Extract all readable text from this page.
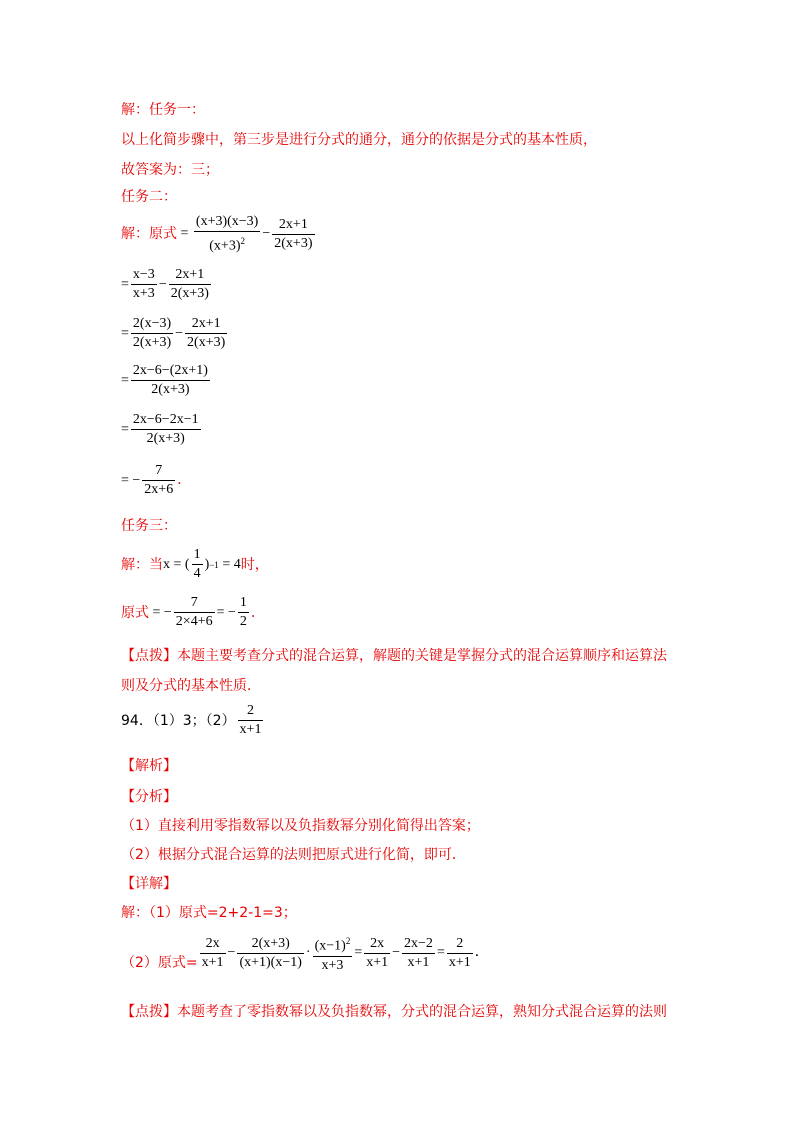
解：任务一：
以上化简步骤中，第三步是进行分式的通分，通分的依据是分式的基本性质，
故答案为：三；
任务二：
解：原式 = $\frac{(x+3)(x-3)}{(x+3)^2} - \frac{2x+1}{2(x+3)}$
= $\frac{x-3}{x+3} - \frac{2x+1}{2(x+3)}$
= $\frac{2(x-3)}{2(x+3)} - \frac{2x+1}{2(x+3)}$
= $\frac{2x-6-(2x+1)}{2(x+3)}$
= $\frac{2x-6-2x-1}{2(x+3)}$
= − $\frac{7}{2x+6}$ ．
任务三：
解：当 x = ( $\frac{1}{4}$ ) −1
= 4 时，
原式 = − $\frac{7}{2\times 4+6}$ = − $\frac{1}{2}$ ．
【点拨】本题主要考查分式的混合运算，解题的关键是掌握分式的混合运算顺序和运算法
则及分式的基本性质．
94．（1）3；$(2) \frac{2}{x+1}$
【解析】
【分析】
（1）直接利用零指数幂以及负指数幂分别化简得出答案；
（2）根据分式混合运算的法则把原式进行化简，即可．
【详解】
解：（1）原式=2+2-1=3；
（2）原式= $\frac{2x}{x+1} - \frac{2(x+3)}{(x+1)(x-1)} \cdot \frac{(x-1)^2}{x+3} = \frac{2x}{x+1} - \frac{2x-2}{x+1} = \frac{2}{x+1}$ ．
【点拨】本题考查了零指数幂以及负指数幂，分式的混合运算，熟知分式混合运算的法则
